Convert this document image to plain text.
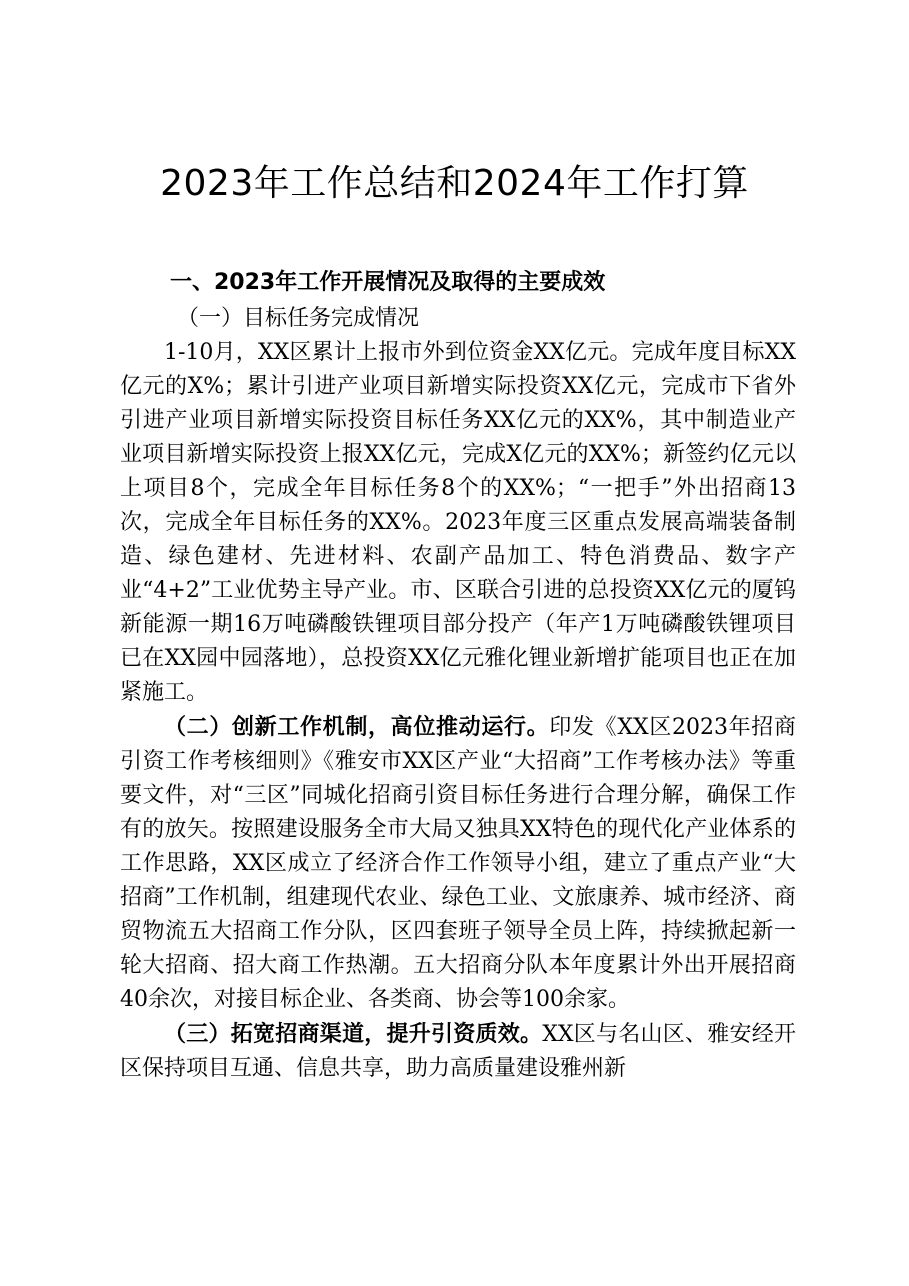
2023年工作总结和2024年工作打算
一、2023年工作开展情况及取得的主要成效
（一）目标任务完成情况

1-10月，XX区累计上报市外到位资金XX亿元。完成年度目标XX亿元的X%；累计引进产业项目新增实际投资XX亿元，完成市下省外引进产业项目新增实际投资目标任务XX亿元的XX%，其中制造业产业项目新增实际投资上报XX亿元，完成X亿元的XX%；新签约亿元以上项目8个，完成全年目标任务8个的XX%；“一把手”外出招商13次，完成全年目标任务的XX%。2023年度三区重点发展高端装备制造、绿色建材、先进材料、农副产品加工、特色消费品、数字产业“4+2”工业优势主导产业。市、区联合引进的总投资XX亿元的厦钨新能源一期16万吨磷酸铁锂项目部分投产（年产1万吨磷酸铁锂项目已在XX园中园落地），总投资XX亿元雅化锂业新增扩能项目也正在加紧施工。

（二）创新工作机制，高位推动运行。印发《XX区2023年招商引资工作考核细则》《雅安市XX区产业“大招商”工作考核办法》等重要文件，对“三区”同城化招商引资目标任务进行合理分解，确保工作有的放矢。按照建设服务全市大局又独具XX特色的现代化产业体系的工作思路，XX区成立了经济合作工作领导小组，建立了重点产业“大招商”工作机制，组建现代农业、绿色工业、文旅康养、城市经济、商贸物流五大招商工作分队，区四套班子领导全员上阵，持续掀起新一轮大招商、招大商工作热潮。五大招商分队本年度累计外出开展招商40余次，对接目标企业、各类商、协会等100余家。

（三）拓宽招商渠道，提升引资质效。XX区与名山区、雅安经开区保持项目互通、信息共享，助力高质量建设雅州新
